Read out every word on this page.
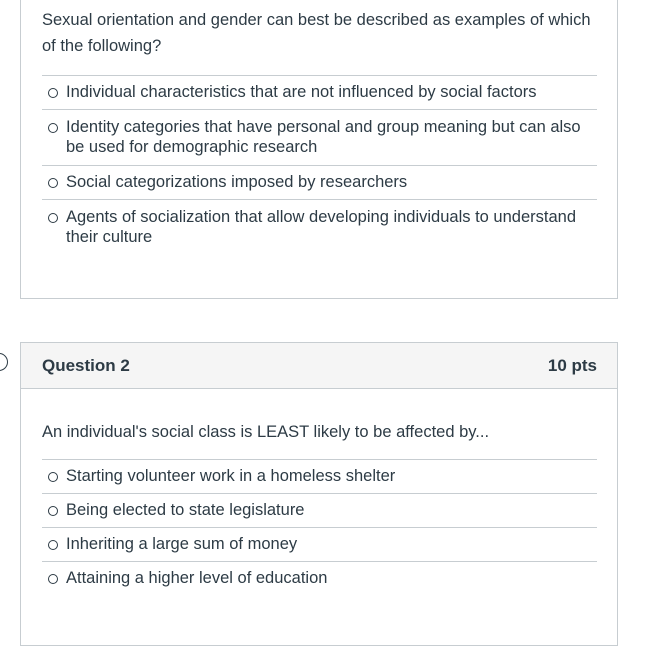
Sexual orientation and gender can best be described as examples of which of the following?
Individual characteristics that are not influenced by social factors
Identity categories that have personal and group meaning but can also be used for demographic research
Social categorizations imposed by researchers
Agents of socialization that allow developing individuals to understand their culture
Question 2	10 pts
An individual's social class is LEAST likely to be affected by...
Starting volunteer work in a homeless shelter
Being elected to state legislature
Inheriting a large sum of money
Attaining a higher level of education
